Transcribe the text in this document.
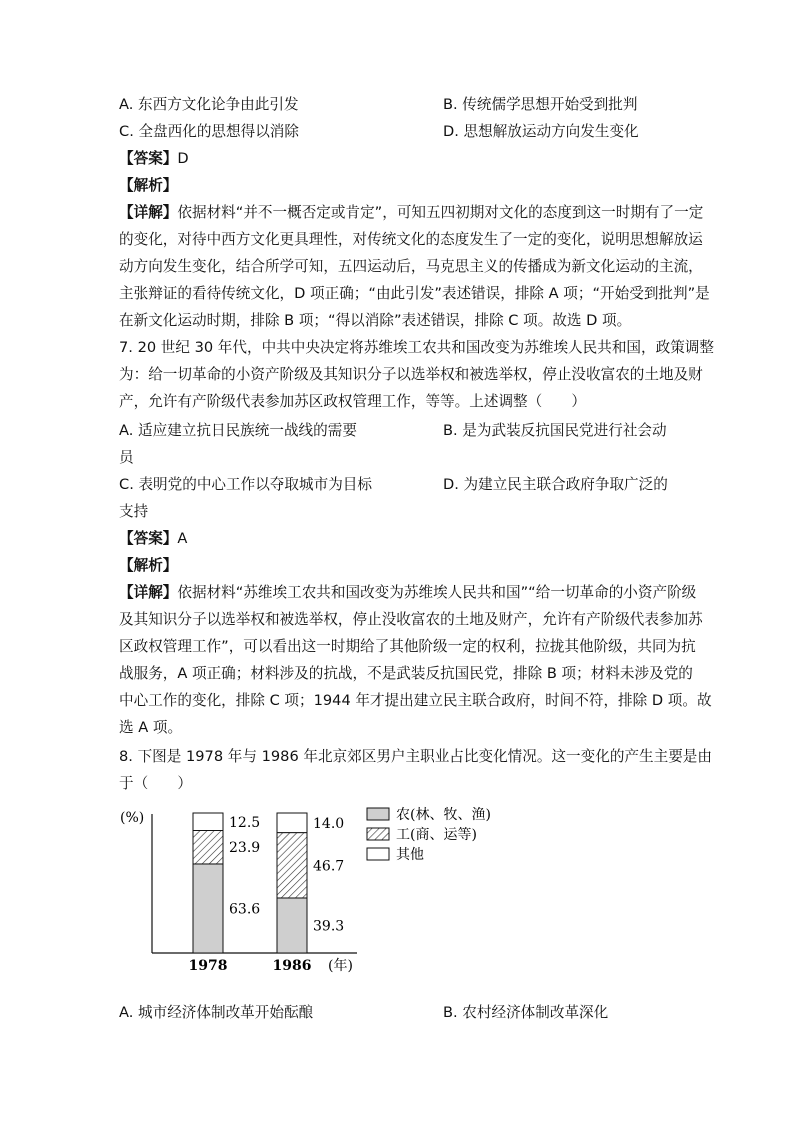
A. 东西方文化论争由此引发	B. 传统儒学思想开始受到批判
C. 全盘西化的思想得以消除	D. 思想解放运动方向发生变化
【答案】D
【解析】
【详解】依据材料“并不一概否定或肯定”，可知五四初期对文化的态度到这一时期有了一定
的变化，对待中西方文化更具理性，对传统文化的态度发生了一定的变化，说明思想解放运
动方向发生变化，结合所学可知，五四运动后，马克思主义的传播成为新文化运动的主流，
主张辩证的看待传统文化，D 项正确；“由此引发”表述错误，排除 A 项；“开始受到批判”是
在新文化运动时期，排除 B 项；“得以消除”表述错误，排除 C 项。故选 D 项。
7. 20 世纪 30 年代，中共中央决定将苏维埃工农共和国改变为苏维埃人民共和国，政策调整
为：给一切革命的小资产阶级及其知识分子以选举权和被选举权，停止没收富农的土地及财
产，允许有产阶级代表参加苏区政权管理工作，等等。上述调整（　　）
A. 适应建立抗日民族统一战线的需要	B. 是为武装反抗国民党进行社会动
员
C. 表明党的中心工作以夺取城市为目标	D. 为建立民主联合政府争取广泛的
支持
【答案】A
【解析】
【详解】依据材料“苏维埃工农共和国改变为苏维埃人民共和国”“给一切革命的小资产阶级
及其知识分子以选举权和被选举权，停止没收富农的土地及财产，允许有产阶级代表参加苏
区政权管理工作”，可以看出这一时期给了其他阶级一定的权利，拉拢其他阶级，共同为抗
战服务，A 项正确；材料涉及的抗战，不是武装反抗国民党，排除 B 项；材料未涉及党的
中心工作的变化，排除 C 项；1944 年才提出建立民主联合政府，时间不符，排除 D 项。故
选 A 项。
8. 下图是 1978 年与 1986 年北京郊区男户主职业占比变化情况。这一变化的产生主要是由
于（　　）
(%)
(年)
63.6
23.9
12.5
1978
39.3
46.7
14.0
1986
农(林、牧、渔)
工(商、运等)
其他
A. 城市经济体制改革开始酝酿	B. 农村经济体制改革深化
